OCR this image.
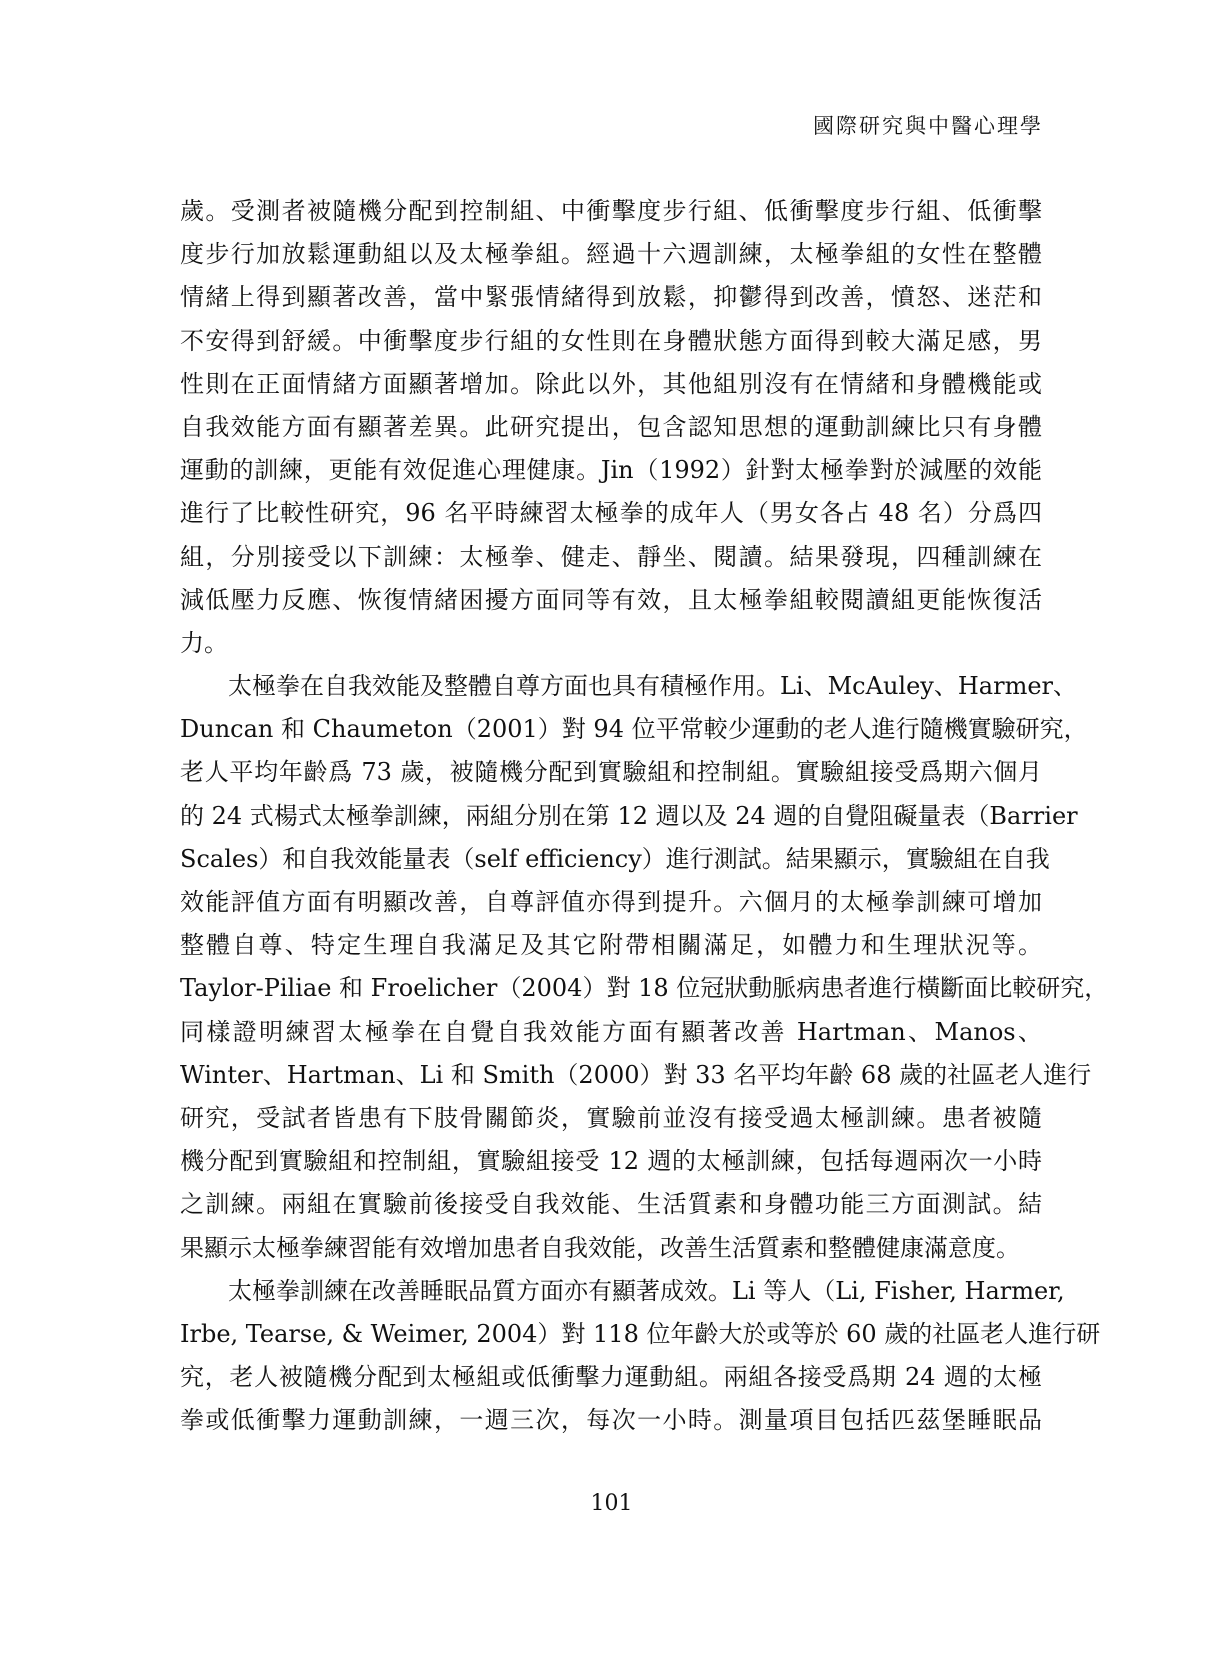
國際研究與中醫心理學
歲。受測者被隨機分配到控制組、中衝擊度步行組、低衝擊度步行組、低衝擊
度步行加放鬆運動組以及太極拳組。經過十六週訓練，太極拳組的女性在整體
情緒上得到顯著改善，當中緊張情緒得到放鬆，抑鬱得到改善，憤怒、迷茫和
不安得到舒緩。中衝擊度步行組的女性則在身體狀態方面得到較大滿足感，男
性則在正面情緒方面顯著增加。除此以外，其他組別沒有在情緒和身體機能或
自我效能方面有顯著差異。此研究提出，包含認知思想的運動訓練比只有身體
運動的訓練，更能有效促進心理健康。Jin（1992）針對太極拳對於減壓的效能
進行了比較性研究，96 名平時練習太極拳的成年人（男女各占 48 名）分爲四
組，分別接受以下訓練：太極拳、健走、靜坐、閱讀。結果發現，四種訓練在
減低壓力反應、恢復情緒困擾方面同等有效，且太極拳組較閱讀組更能恢復活
力。
太極拳在自我效能及整體自尊方面也具有積極作用。Li、McAuley、Harmer、
Duncan 和 Chaumeton（2001）對 94 位平常較少運動的老人進行隨機實驗研究，
老人平均年齡爲 73 歲，被隨機分配到實驗組和控制組。實驗組接受爲期六個月
的 24 式楊式太極拳訓練，兩組分別在第 12 週以及 24 週的自覺阻礙量表（Barrier
Scales）和自我效能量表（self efficiency）進行測試。結果顯示，實驗組在自我
效能評值方面有明顯改善，自尊評值亦得到提升。六個月的太極拳訓練可增加
整體自尊、特定生理自我滿足及其它附帶相關滿足，如體力和生理狀況等。
Taylor-Piliae 和 Froelicher（2004）對 18 位冠狀動脈病患者進行橫斷面比較研究，
同樣證明練習太極拳在自覺自我效能方面有顯著改善 Hartman、Manos、
Winter、Hartman、Li 和 Smith（2000）對 33 名平均年齡 68 歲的社區老人進行
研究，受試者皆患有下肢骨關節炎，實驗前並沒有接受過太極訓練。患者被隨
機分配到實驗組和控制組，實驗組接受 12 週的太極訓練，包括每週兩次一小時
之訓練。兩組在實驗前後接受自我效能、生活質素和身體功能三方面測試。結
果顯示太極拳練習能有效增加患者自我效能，改善生活質素和整體健康滿意度。
太極拳訓練在改善睡眠品質方面亦有顯著成效。Li 等人（Li, Fisher, Harmer,
Irbe, Tearse, & Weimer, 2004）對 118 位年齡大於或等於 60 歲的社區老人進行研
究，老人被隨機分配到太極組或低衝擊力運動組。兩組各接受爲期 24 週的太極
拳或低衝擊力運動訓練，一週三次，每次一小時。測量項目包括匹茲堡睡眠品
101
